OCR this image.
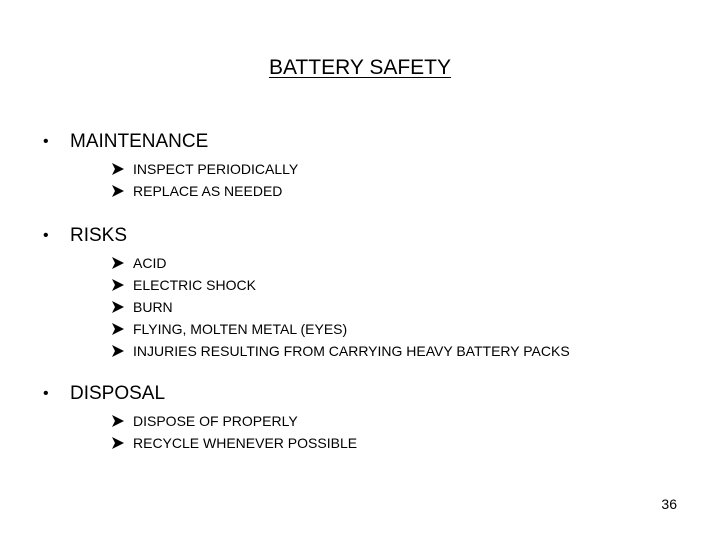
BATTERY SAFETY
• MAINTENANCE
INSPECT PERIODICALLY
REPLACE AS NEEDED
• RISKS
ACID
ELECTRIC SHOCK
BURN
FLYING, MOLTEN METAL (EYES)
INJURIES RESULTING FROM CARRYING HEAVY BATTERY PACKS
• DISPOSAL
DISPOSE OF PROPERLY
RECYCLE WHENEVER POSSIBLE
36
